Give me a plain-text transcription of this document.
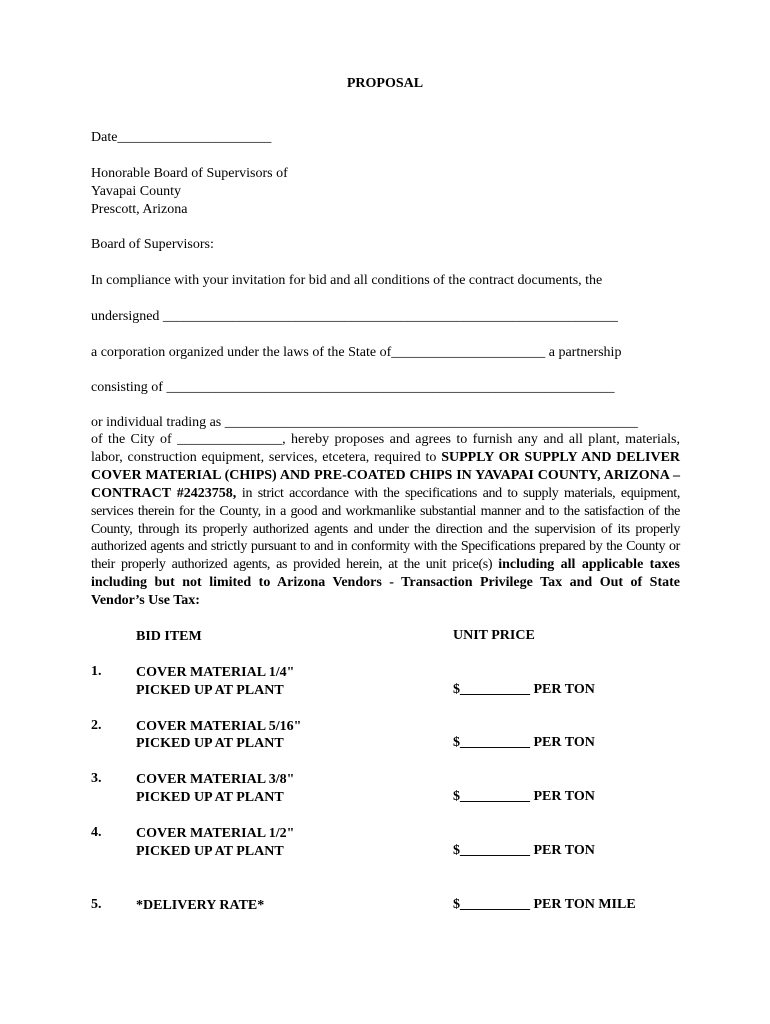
PROPOSAL
Date______________________
Honorable Board of Supervisors of
Yavapai County
Prescott, Arizona
Board of Supervisors:
In compliance with your invitation for bid and all conditions of the contract documents, the
undersigned _________________________________________________________________
a corporation organized under the laws of the State of______________________ a partnership
consisting of ________________________________________________________________
or individual trading as ___________________________________________________________
of the City of _______________, hereby proposes and agrees to furnish any and all plant, materials, labor, construction equipment, services, etcetera, required to SUPPLY OR SUPPLY AND DELIVER COVER MATERIAL (CHIPS) AND PRE-COATED CHIPS IN YAVAPAI COUNTY, ARIZONA – CONTRACT #2423758, in strict accordance with the specifications and to supply materials, equipment, services therein for the County, in a good and workmanlike substantial manner and to the satisfaction of the County, through its properly authorized agents and under the direction and the supervision of its properly authorized agents and strictly pursuant to and in conformity with the Specifications prepared by the County or their properly authorized agents, as provided herein, at the unit price(s) including all applicable taxes including but not limited to Arizona Vendors - Transaction Privilege Tax and Out of State Vendor’s Use Tax:
BID ITEM	UNIT PRICE
1. COVER MATERIAL 1/4"
PICKED UP AT PLANT	$__________ PER TON
2. COVER MATERIAL 5/16"
PICKED UP AT PLANT	$__________ PER TON
3. COVER MATERIAL 3/8"
PICKED UP AT PLANT	$__________ PER TON
4. COVER MATERIAL 1/2"
PICKED UP AT PLANT	$__________ PER TON
5. *DELIVERY RATE*	$__________ PER TON MILE
